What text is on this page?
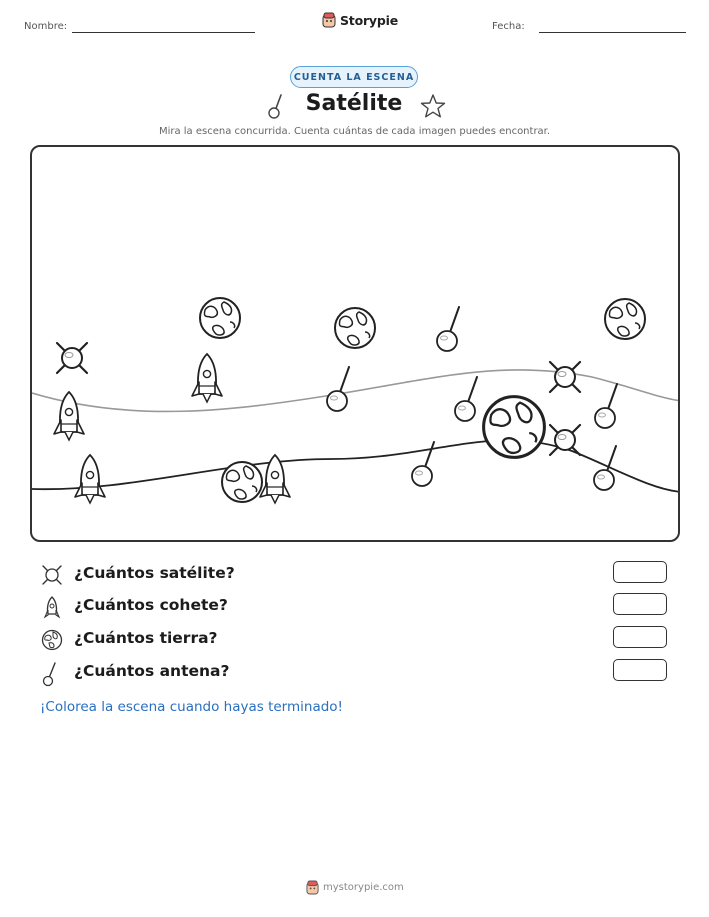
Nombre:	Storypie	Fecha:
CUENTA LA ESCENA
Satélite
Mira la escena concurrida. Cuenta cuántas de cada imagen puedes encontrar.
¿Cuántos satélite?
¿Cuántos cohete?
¿Cuántos tierra?
¿Cuántos antena?
¡Colorea la escena cuando hayas terminado!
mystorypie.com
